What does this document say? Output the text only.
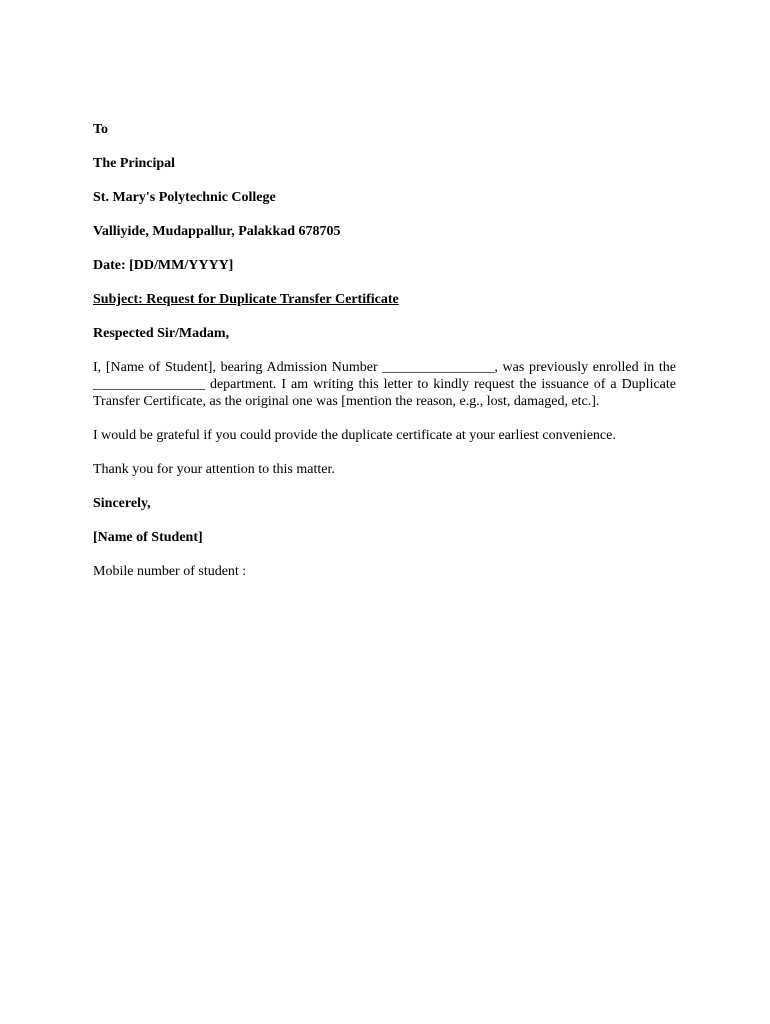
To

The Principal

St. Mary's Polytechnic College

Valliyide, Mudappallur, Palakkad 678705

Date: [DD/MM/YYYY]

Subject: Request for Duplicate Transfer Certificate

Respected Sir/Madam,

I, [Name of Student], bearing Admission Number ________________, was previously enrolled in the ________________ department. I am writing this letter to kindly request the issuance of a Duplicate Transfer Certificate, as the original one was [mention the reason, e.g., lost, damaged, etc.].

I would be grateful if you could provide the duplicate certificate at your earliest convenience.

Thank you for your attention to this matter.

Sincerely,

[Name of Student]

Mobile number of student :
